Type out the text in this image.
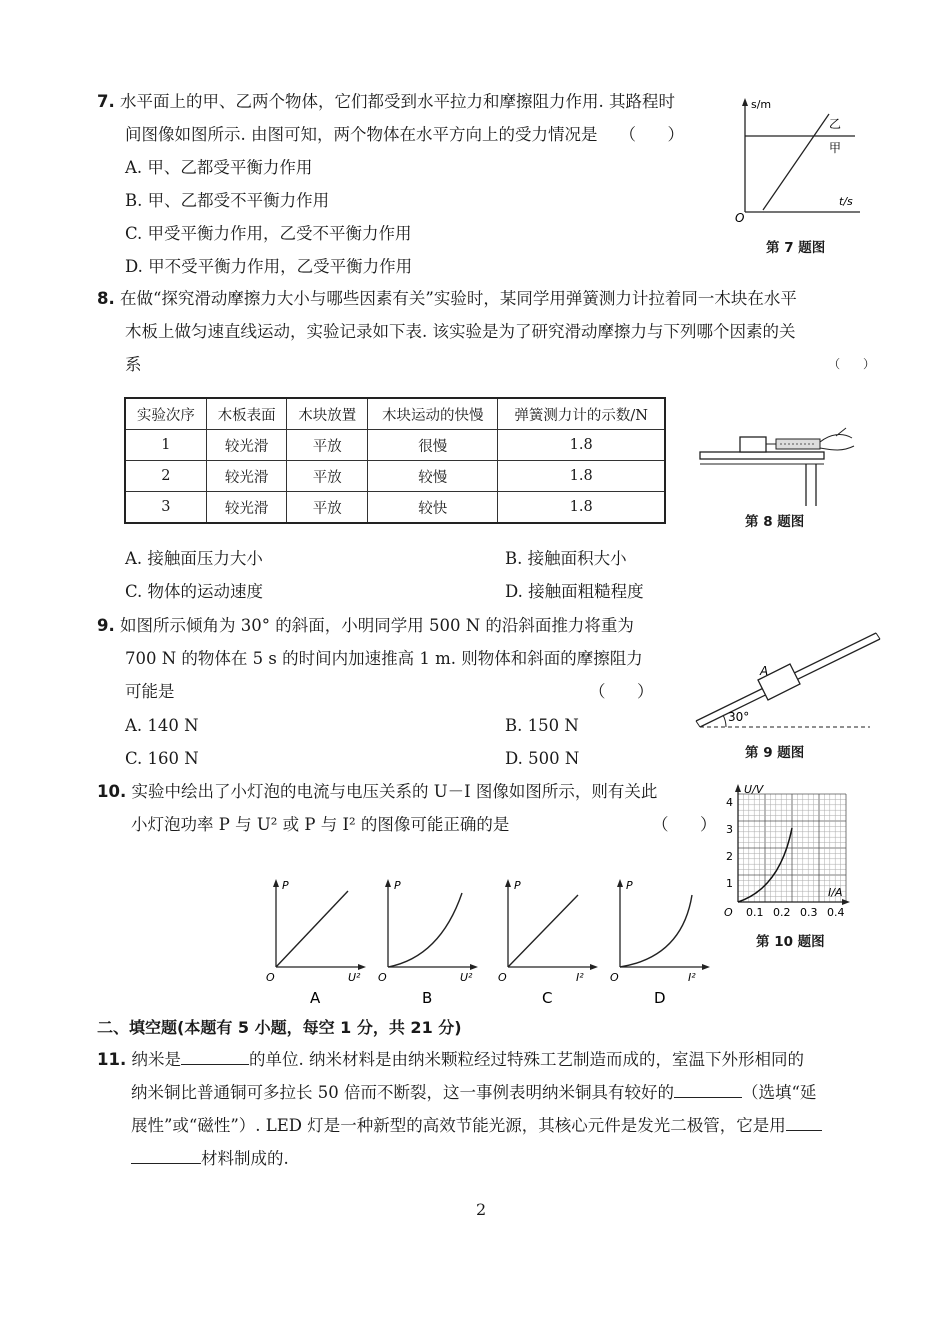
7. 水平面上的甲、乙两个物体，它们都受到水平拉力和摩擦阻力作用. 其路程时
间图像如图所示. 由图可知，两个物体在水平方向上的受力情况是 （      ）
A. 甲、乙都受平衡力作用
B. 甲、乙都受不平衡力作用
C. 甲受平衡力作用，乙受不平衡力作用
D. 甲不受平衡力作用，乙受平衡力作用
s/m
t/s
O
乙
甲
第 7 题图
8. 在做“探究滑动摩擦力大小与哪些因素有关”实验时，某同学用弹簧测力计拉着同一木块在水平
木板上做匀速直线运动，实验记录如下表. 该实验是为了研究滑动摩擦力与下列哪个因素的关
系	（      ）
实验次序	木板表面	木块放置	木块运动的快慢	弹簧测力计的示数/N
1	较光滑	平放	很慢	1.8
2	较光滑	平放	较慢	1.8
3	较光滑	平放	较快	1.8
第 8 题图
A. 接触面压力大小	B. 接触面积大小
C. 物体的运动速度	D. 接触面粗糙程度
9. 如图所示倾角为 30° 的斜面，小明同学用 500 N 的沿斜面推力将重为
700 N 的物体在 5 s 的时间内加速推高 1 m. 则物体和斜面的摩擦阻力
可能是	（      ）
A. 140 N	B. 150 N
C. 160 N	D. 500 N
A
30°
第 9 题图
10. 实验中绘出了小灯泡的电流与电压关系的 U－I 图像如图所示，则有关此
小灯泡功率 P 与 U² 或 P 与 I² 的图像可能正确的是	（      ）
P
U²
O
A
P
U²
O
B
P
I²
O
C
P
I²
O
D
U/V
I/A
O
4
3
2
1
0.1 0.2 0.3 0.4
第 10 题图
二、填空题(本题有 5 小题，每空 1 分，共 21 分)
11. 纳米是	的单位. 纳米材料是由纳米颗粒经过特殊工艺制造而成的，室温下外形相同的
纳米铜比普通铜可多拉长 50 倍而不断裂，这一事例表明纳米铜具有较好的	（选填“延
展性”或“磁性”）. LED 灯是一种新型的高效节能光源，其核心元件是发光二极管，它是用
材料制成的.
2
